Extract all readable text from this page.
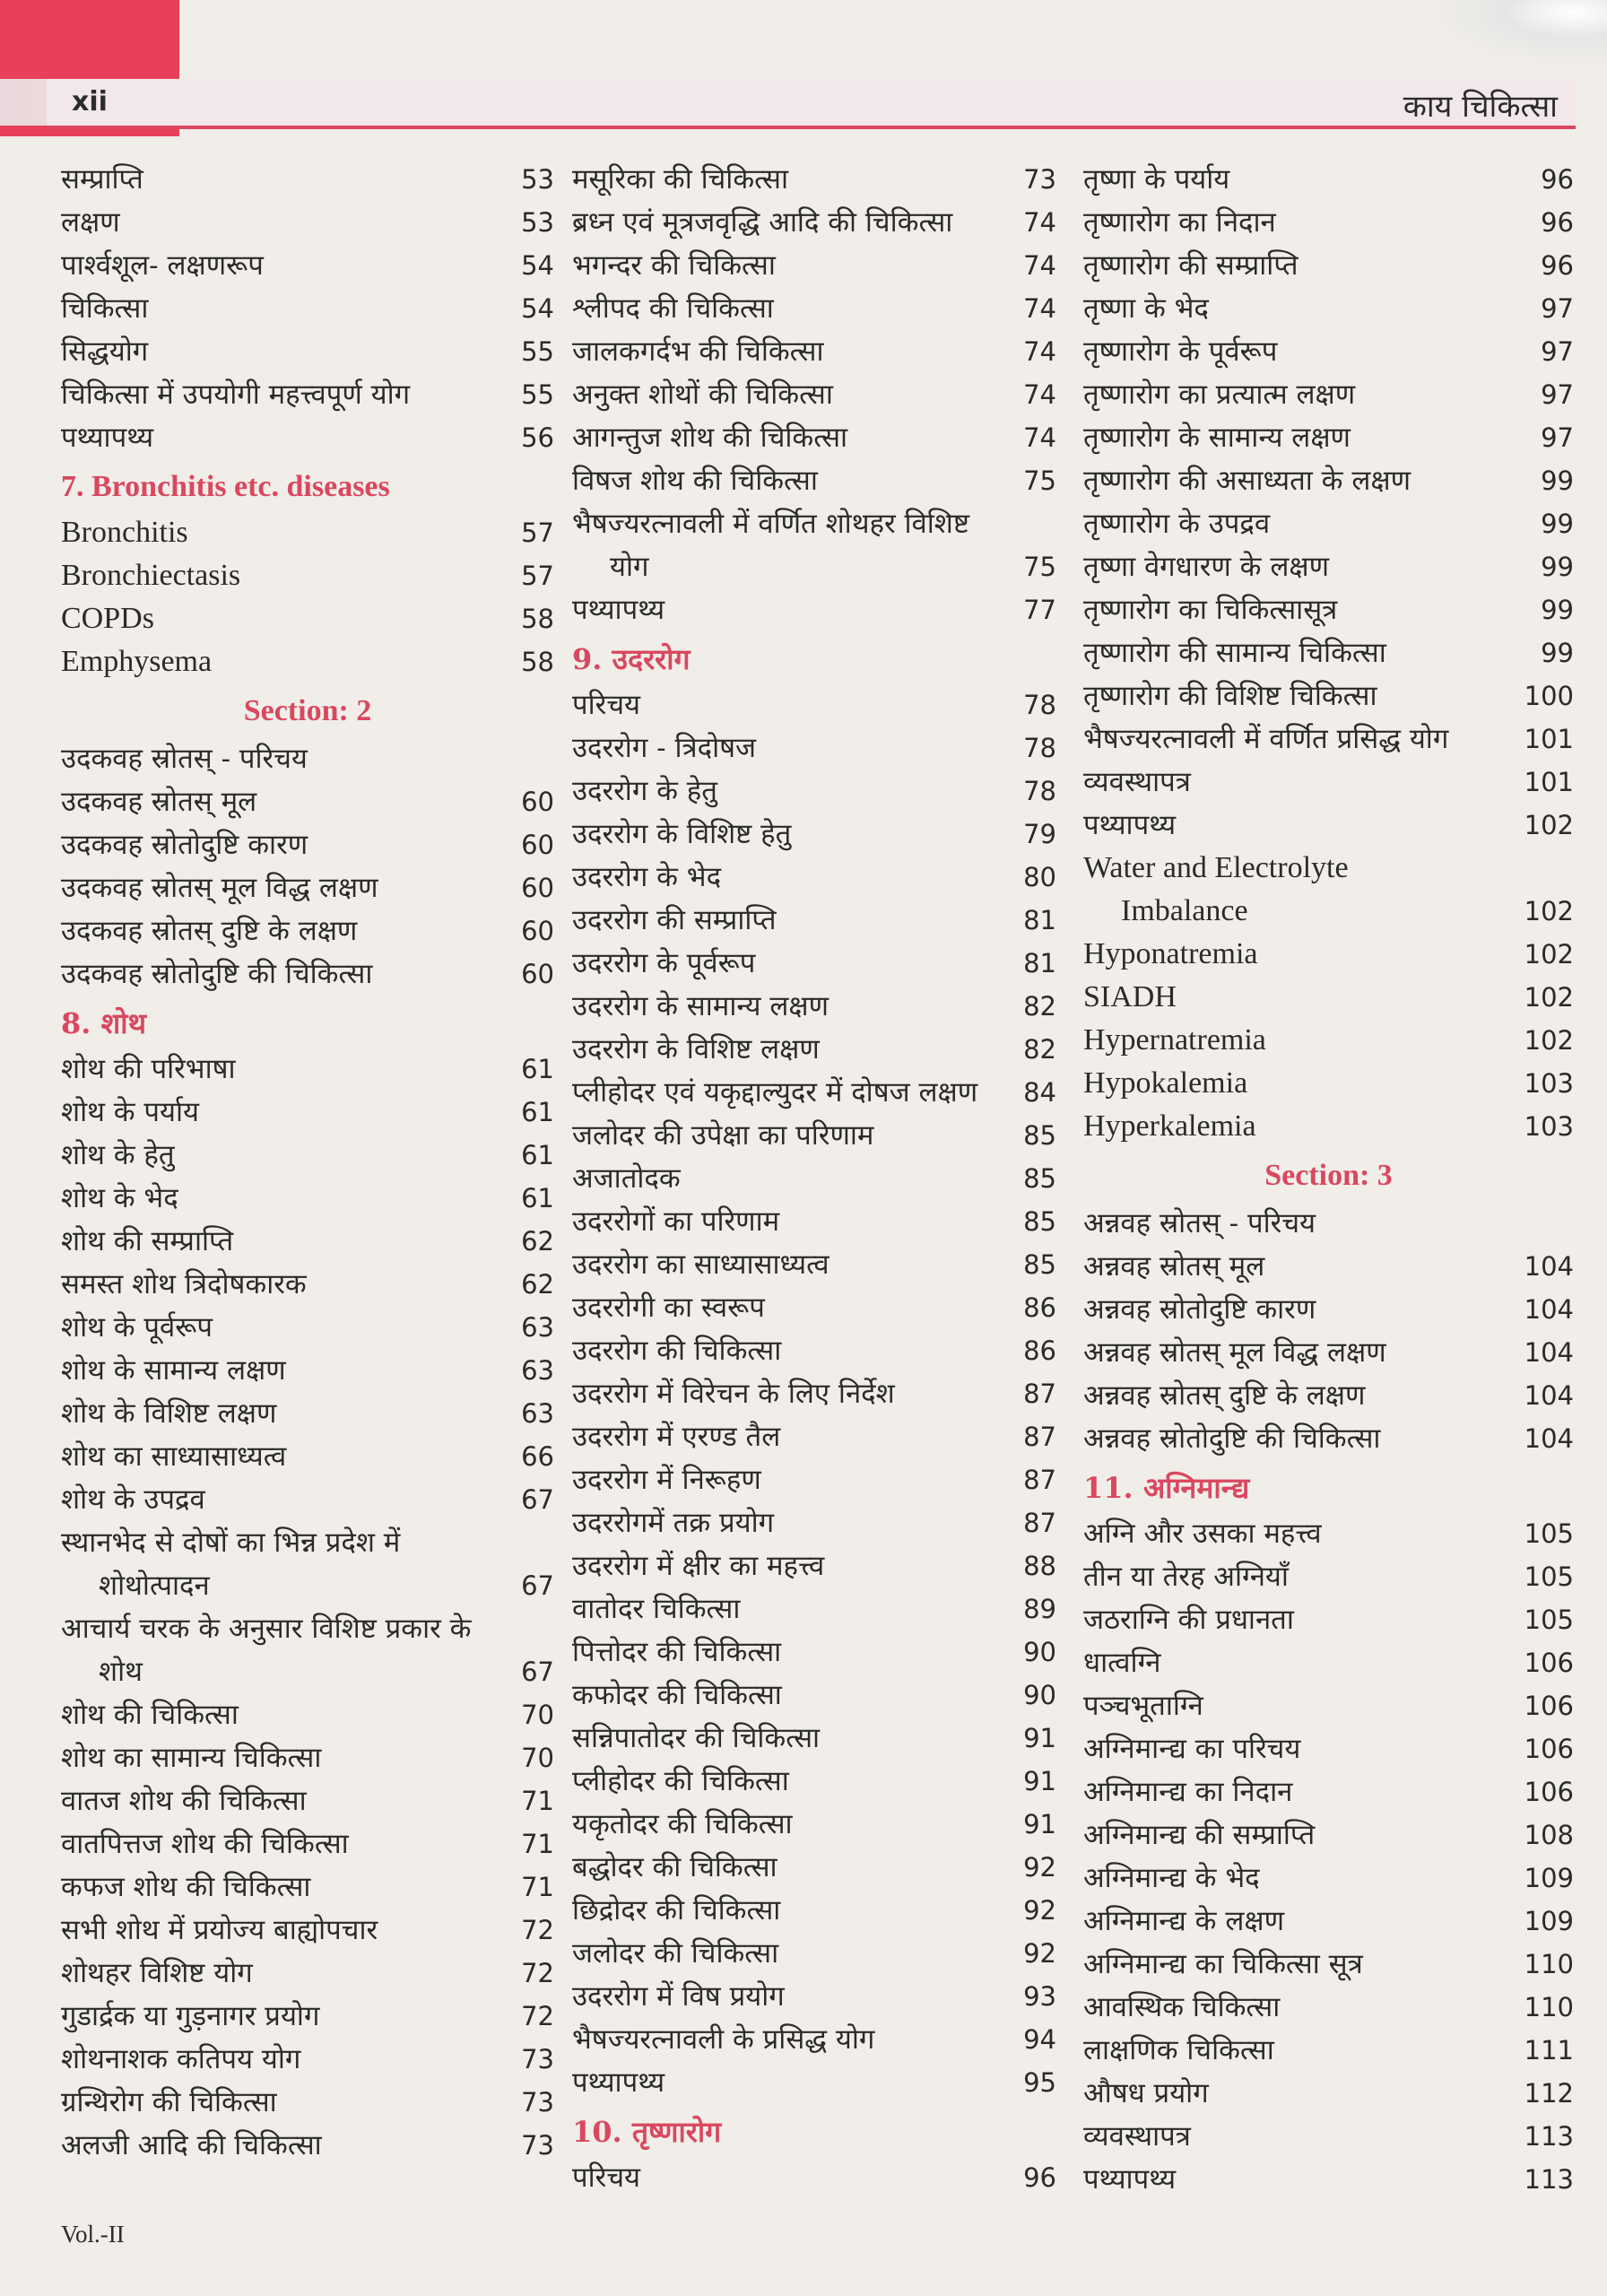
xii	काय चिकित्सा
सम्प्राप्ति	53
लक्षण	53
पार्श्वशूल- लक्षणरूप	54
चिकित्सा	54
सिद्धयोग	55
चिकित्सा में उपयोगी महत्त्वपूर्ण योग	55
पथ्यापथ्य	56
7. Bronchitis etc. diseases
Bronchitis	57
Bronchiectasis	57
COPDs	58
Emphysema	58
Section: 2
उदकवह स्रोतस् - परिचय
उदकवह स्रोतस् मूल	60
उदकवह स्रोतोदुष्टि कारण	60
उदकवह स्रोतस् मूल विद्ध लक्षण	60
उदकवह स्रोतस् दुष्टि के लक्षण	60
उदकवह स्रोतोदुष्टि की चिकित्सा	60
8. शोथ
शोथ की परिभाषा	61
शोथ के पर्याय	61
शोथ के हेतु	61
शोथ के भेद	61
शोथ की सम्प्राप्ति	62
समस्त शोथ त्रिदोषकारक	62
शोथ के पूर्वरूप	63
शोथ के सामान्य लक्षण	63
शोथ के विशिष्ट लक्षण	63
शोथ का साध्यासाध्यत्व	66
शोथ के उपद्रव	67
स्थानभेद से दोषों का भिन्न प्रदेश में
शोथोत्पादन	67
आचार्य चरक के अनुसार विशिष्ट प्रकार के
शोथ	67
शोथ की चिकित्सा	70
शोथ का सामान्य चिकित्सा	70
वातज शोथ की चिकित्सा	71
वातपित्तज शोथ की चिकित्सा	71
कफज शोथ की चिकित्सा	71
सभी शोथ में प्रयोज्य बाह्योपचार	72
शोथहर विशिष्ट योग	72
गुडार्द्रक या गुड़नागर प्रयोग	72
शोथनाशक कतिपय योग	73
ग्रन्थिरोग की चिकित्सा	73
अलजी आदि की चिकित्सा	73
मसूरिका की चिकित्सा	73
ब्रध्न एवं मूत्रजवृद्धि आदि की चिकित्सा	74
भगन्दर की चिकित्सा	74
श्लीपद की चिकित्सा	74
जालकगर्दभ की चिकित्सा	74
अनुक्त शोथों की चिकित्सा	74
आगन्तुज शोथ की चिकित्सा	74
विषज शोथ की चिकित्सा	75
भैषज्यरत्नावली में वर्णित शोथहर विशिष्ट
योग	75
पथ्यापथ्य	77
9. उदररोग
परिचय	78
उदररोग - त्रिदोषज	78
उदररोग के हेतु	78
उदररोग के विशिष्ट हेतु	79
उदररोग के भेद	80
उदररोग की सम्प्राप्ति	81
उदररोग के पूर्वरूप	81
उदररोग के सामान्य लक्षण	82
उदररोग के विशिष्ट लक्षण	82
प्लीहोदर एवं यकृद्दाल्युदर में दोषज लक्षण	84
जलोदर की उपेक्षा का परिणाम	85
अजातोदक	85
उदररोगों का परिणाम	85
उदररोग का साध्यासाध्यत्व	85
उदररोगी का स्वरूप	86
उदररोग की चिकित्सा	86
उदररोग में विरेचन के लिए निर्देश	87
उदररोग में एरण्ड तैल	87
उदररोग में निरूहण	87
उदररोगमें तक्र प्रयोग	87
उदररोग में क्षीर का महत्त्व	88
वातोदर चिकित्सा	89
पित्तोदर की चिकित्सा	90
कफोदर की चिकित्सा	90
सन्निपातोदर की चिकित्सा	91
प्लीहोदर की चिकित्सा	91
यकृतोदर की चिकित्सा	91
बद्धोदर की चिकित्सा	92
छिद्रोदर की चिकित्सा	92
जलोदर की चिकित्सा	92
उदररोग में विष प्रयोग	93
भैषज्यरत्नावली के प्रसिद्ध योग	94
पथ्यापथ्य	95
10. तृष्णारोग
परिचय	96
तृष्णा के पर्याय	96
तृष्णारोग का निदान	96
तृष्णारोग की सम्प्राप्ति	96
तृष्णा के भेद	97
तृष्णारोग के पूर्वरूप	97
तृष्णारोग का प्रत्यात्म लक्षण	97
तृष्णारोग के सामान्य लक्षण	97
तृष्णारोग की असाध्यता के लक्षण	99
तृष्णारोग के उपद्रव	99
तृष्णा वेगधारण के लक्षण	99
तृष्णारोग का चिकित्सासूत्र	99
तृष्णारोग की सामान्य चिकित्सा	99
तृष्णारोग की विशिष्ट चिकित्सा	100
भैषज्यरत्नावली में वर्णित प्रसिद्ध योग	101
व्यवस्थापत्र	101
पथ्यापथ्य	102
Water and Electrolyte
Imbalance	102
Hyponatremia	102
SIADH	102
Hypernatremia	102
Hypokalemia	103
Hyperkalemia	103
Section: 3
अन्नवह स्रोतस् - परिचय
अन्नवह स्रोतस् मूल	104
अन्नवह स्रोतोदुष्टि कारण	104
अन्नवह स्रोतस् मूल विद्ध लक्षण	104
अन्नवह स्रोतस् दुष्टि के लक्षण	104
अन्नवह स्रोतोदुष्टि की चिकित्सा	104
11. अग्निमान्द्य
अग्नि और उसका महत्त्व	105
तीन या तेरह अग्नियाँ	105
जठराग्नि की प्रधानता	105
धात्वग्नि	106
पञ्चभूताग्नि	106
अग्निमान्द्य का परिचय	106
अग्निमान्द्य का निदान	106
अग्निमान्द्य की सम्प्राप्ति	108
अग्निमान्द्य के भेद	109
अग्निमान्द्य के लक्षण	109
अग्निमान्द्य का चिकित्सा सूत्र	110
आवस्थिक चिकित्सा	110
लाक्षणिक चिकित्सा	111
औषध प्रयोग	112
व्यवस्थापत्र	113
पथ्यापथ्य	113
Vol.-II
